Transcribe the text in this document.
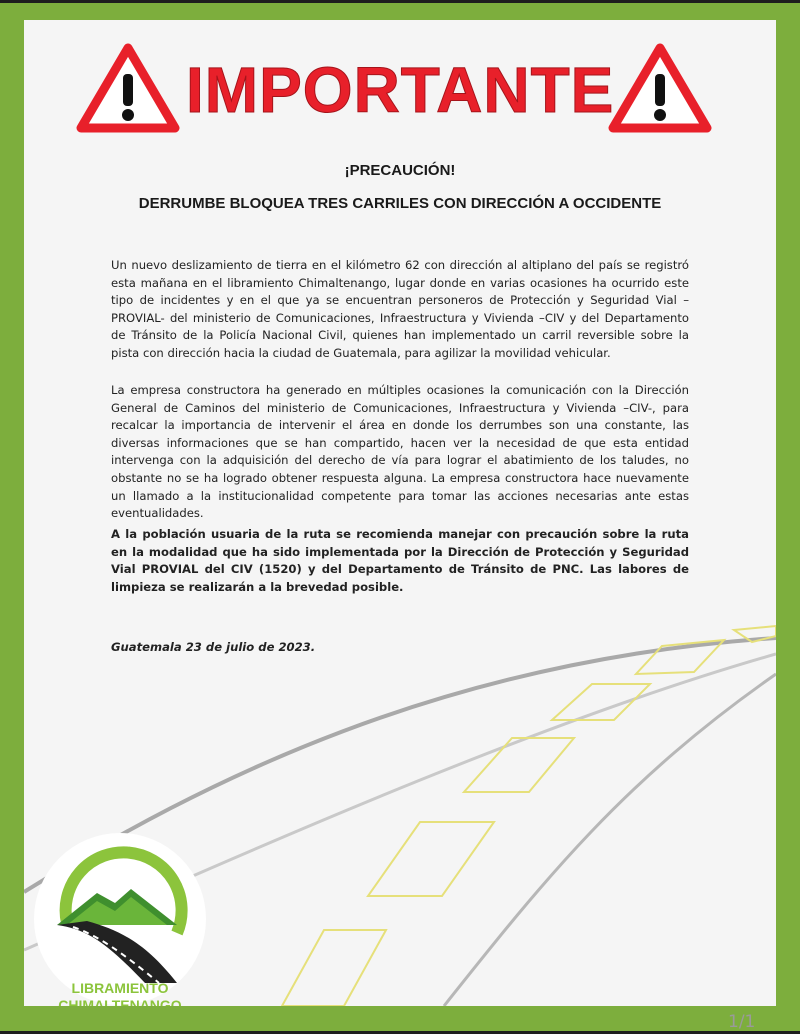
IMPORTANTE
¡PRECAUCIÓN!
DERRUMBE BLOQUEA TRES CARRILES CON DIRECCIÓN A OCCIDENTE

Un nuevo deslizamiento de tierra en el kilómetro 62 con dirección al altiplano del país se registró esta mañana en el libramiento Chimaltenango, lugar donde en varias ocasiones ha ocurrido este tipo de incidentes y en el que ya se encuentran personeros de Protección y Seguridad Vial –PROVIAL- del ministerio de Comunicaciones, Infraestructura y Vivienda –CIV y del Departamento de Tránsito de la Policía Nacional Civil, quienes han implementado un carril reversible sobre la pista con dirección hacia la ciudad de Guatemala, para agilizar la movilidad vehicular.

La empresa constructora ha generado en múltiples ocasiones la comunicación con la Dirección General de Caminos del ministerio de Comunicaciones, Infraestructura y Vivienda –CIV-, para recalcar la importancia de intervenir el área en donde los derrumbes son una constante, las diversas informaciones que se han compartido, hacen ver la necesidad de que esta entidad intervenga con la adquisición del derecho de vía para lograr el abatimiento de los taludes, no obstante no se ha logrado obtener respuesta alguna. La empresa constructora hace nuevamente un llamado a la institucionalidad competente para tomar las acciones necesarias ante estas eventualidades.

A la población usuaria de la ruta se recomienda manejar con precaución sobre la ruta en la modalidad que ha sido implementada por la Dirección de Protección y Seguridad Vial PROVIAL del CIV (1520) y del Departamento de Tránsito de PNC. Las labores de limpieza se realizarán a la brevedad posible.

Guatemala 23 de julio de 2023.
LIBRAMIENTO
CHIMALTENANGO
1/1
